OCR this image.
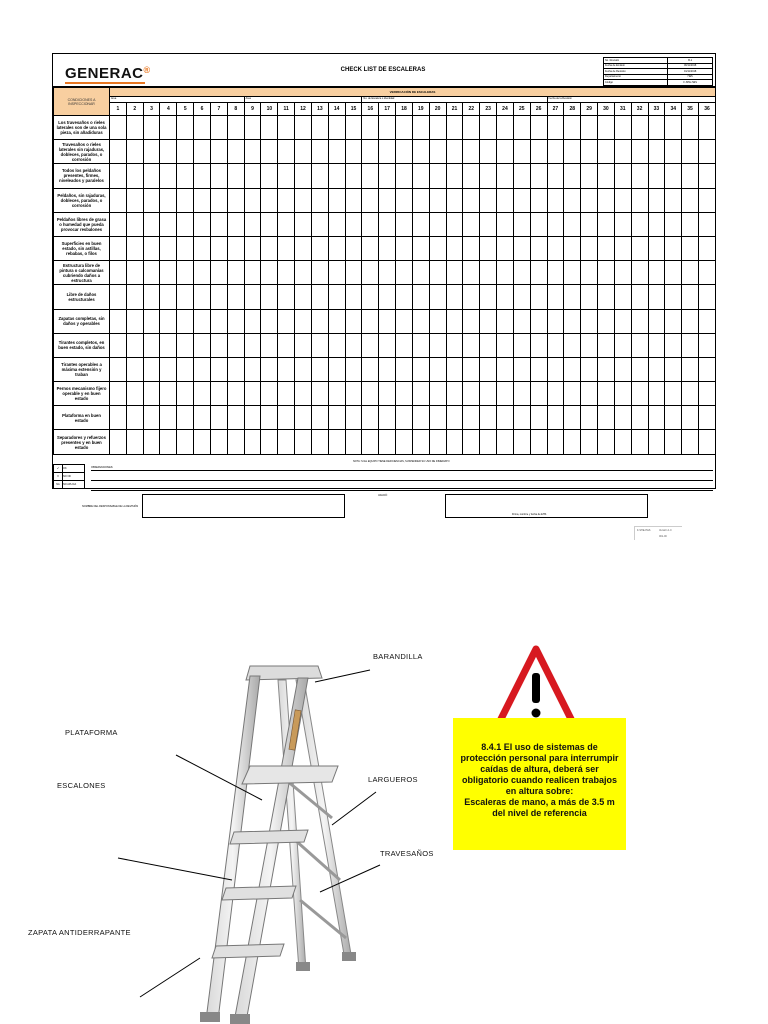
GENERAC®	CHECK LIST DE ESCALERAS
No. Revisión	B-1
Fecha de Emisión	06/11/2018
Fecha de Revisión	01/11/2018
Departamento	H&S
Código	F-SHE-H&S
CONDICIONES A INSPECCIONAR	VERIFICACIÓN DE ESCALERAS																																			
	Área								Área							No. de Escalera o Identidad											Fecha de la Revisión									
	1	2	3	4	5	6	7	8	9	10	11	12	13	14	15	16	17	18	19	20	21	22	23	24	25	26	27	28	29	30	31	32	33	34	35	36
Los travesaños o rieles laterales son de una sola pieza, sin añadiduras																																				
Travesaños o rieles laterales sin rajaduras, dobleces, parados, o corrosión																																				
Todos los peldaños presentes, firmes, niveleados y paralelos																																				
Peldaños, sin rajaduras, dobleces, parados, o corrosión																																				
Peldaños libres de grasa o humedad que pueda provocar resbalones																																				
Superficies en buen estado, sin astillas, rebabas, o filos																																				
Estructura libre de pintura o calcomanías cubriendo daños a estructura																																				
Libre de daños estructurales																																				
Zapatas completas, sin daños y operables																																				
Tirantes completos, en buen estado, sin daños																																				
Tirantes operables a máxima extensión y traban																																				
Pernos mecanismo fijero operable y en buen estado																																				
Plataforma en buen estado																																				
Separadores y refuerzos presentes y en buen estado																																				
NOTA: SI EL EQUIPO TIENE DEFICIENCIAS, SUSPENDER SU USO DE INMEDIATO
✔	OK
X	NO OK
NA	NO APLICA
OBSERVACIONES:
NOMBRE DEL RESPONSABLE DE LA REVISIÓN
VALIDÓ:
Firma, nombre y fecha de EHS
F-SHE-H&S	Versión 1.0
001-00
BARANDILLA
PLATAFORMA
ESCALONES
LARGUEROS
TRAVESAÑOS
ZAPATA ANTIDERRAPANTE
8.4.1 El uso de sistemas de protección personal para interrumpir caídas de altura, deberá ser obligatorio cuando realicen trabajos en altura sobre:
Escaleras de mano, a más de 3.5 m del nivel de referencia
